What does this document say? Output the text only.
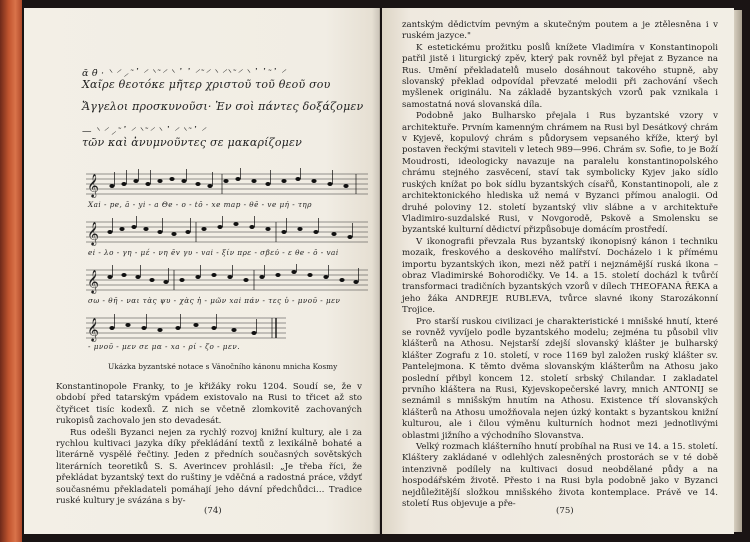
ᾱ θ̄ · ⸌ ⸍ ⸝ ͂ ᾽ ⸍ ⸌ ͂ ⸍ ⸌ ᾽ ᾽ ⸍ ͂ ⸍ ⸌ ⸍⸌ ͂ ⸍ ⸌ ᾽ ᾽ ͂ ᾽ ⸍
Χαῖρε θεοτόκε μῆτερ χριστοῦ τοῦ θεοῦ σου
Ἄγγελοι προσκυνοῦσι· Ἐν σοὶ πάντες δοξάζομεν
— ⸌ ⸍ ⸝ ͂ ᾽ ⸍ ⸌ ͂ ⸍ ⸌ ᾽ ⸍ ⸌ ͂ ᾽ ⸍
τῶν καὶ ἀνυμνοῦντες σε μακαρίζομεν
𝄞
Xai - pe, ā - yi - a Θe - o - tō - xe map - θē - ve μή - τηρ
𝄞
ei - λο - γη - μέ - νη ēv γυ - vai - ξίν πρε - σβεύ - ε θe - ō - vai
𝄞
σω - θῆ - ναι τὰς ψυ - χὰς ἡ - μῶν xai πάν - τες ὑ - μνοῦ - μεν
𝄞
- μνοῦ - μεν σε μα - xa - ρί - ζο - μεν.
Ukázka byzantské notace s Vánočního kánonu mnicha Kosmy

Konstantinopole Franky, to je křižáky roku 1204. Soudí se, že v období před tatarským vpádem existovalo na Rusi to třicet až sto čtyřicet tisíc kodexů. Z nich se včetně zlomkovitě zachovaných rukopisů zachovalo jen sto devadesát.

Rus odešli Byzanci nejen za rychlý rozvoj knižní kultury, ale i za rychlou kultivaci jazyka díky překládání textů z lexikálně bohaté a literárně vyspělé řečtiny. Jeden z předních současných sovětských literárních teoretiků S. S. Averincev prohlásil: „Je třeba říci, že překládat byzantský text do ruštiny je vděčná a radostná práce, vždyť současnému překladateli pomáhají jeho dávní předchůdci… Tradice ruské kultury je svázána s by-

(74)

zantským dědictvím pevným a skutečným poutem a je ztělesněna i v ruském jazyce."

K estetickému prožitku poslů knížete Vladimíra v Konstantinopoli patřil jistě i liturgický zpěv, který pak rovněž byl přejat z Byzance na Rus. Umění překladatelů muselo dosáhnout takového stupně, aby slovanský překlad odpovídal převzaté melodii při zachování všech myšlenek originálu. Na základě byzantských vzorů pak vznikala i samostatná nová slovanská díla.

Podobně jako Bulharsko přejala i Rus byzantské vzory v architektuře. Prvním kamenným chrámem na Rusi byl Desátkový chrám v Kyjevě, kopulový chrám s půdorysem vepsaného kříže, který byl postaven řeckými staviteli v letech 989—996. Chrám sv. Sofie, to je Boží Moudrosti, ideologicky navazuje na paralelu konstantinopolského chrámu stejného zasvěcení, staví tak symbolicky Kyjev jako sídlo ruských knížat po bok sídlu byzantských císařů, Konstantinopoli, ale z architektonického hlediska už nemá v Byzanci přímou analogii. Od druhé poloviny 12. století byzantský vliv slábne a v architektuře Vladimiro-suzdalské Rusi, v Novgorodě, Pskově a Smolensku se byzantské kulturní dědictví přizpůsobuje domácím prostředí.

V ikonografii převzala Rus byzantský ikonopisný kánon i techniku mozaik, freskového a deskového malířství. Docházelo i k přímému importu byzantských ikon, mezi něž patří i nejznámější ruská ikona – obraz Vladimirské Bohorodičky. Ve 14. a 15. století docházl k tvůrčí transformaci tradičních byzantských vzorů v dílech THEOFANA ŘEKA a jeho žáka ANDREJE RUBLEVA, tvůrce slavné ikony Starozákonní Trojice.

Pro starší ruskou civilizaci je charakteristické i mnišské hnutí, které se rovněž vyvíjelo podle byzantského modelu; zejména tu působil vliv klášterů na Athosu. Nejstarší zdejší slovanský klášter je bulharský klášter Zografu z 10. století, v roce 1169 byl založen ruský klášter sv. Pantelejmona. K těmto dvěma slovanským klášterům na Athosu jako poslední přibyl koncem 12. století srbský Chilandar. I zakladatel prvního kláštera na Rusi, Kyjevskopečerské lavry, mnich ANTONIJ se seznámil s mnišským hnutím na Athosu. Existence tří slovanských klášterů na Athosu umožňovala nejen úzký kontakt s byzantskou knižní kulturou, ale i čilou výměnu kulturních hodnot mezi jednotlivými oblastmi jižního a východního Slovanstva.

Velký rozmach klášterního hnutí probíhal na Rusi ve 14. a 15. století. Kláštery zakládané v odlehlých zalesněných prostorách se v té době intenzivně podílely na kultivaci dosud neobdělané půdy a na hospodářském životě. Přesto i na Rusi byla podobně jako v Byzanci nejdůležitější složkou mnišského života kontemplace. Právě ve 14. století Rus objevuje a pře-

(75)
